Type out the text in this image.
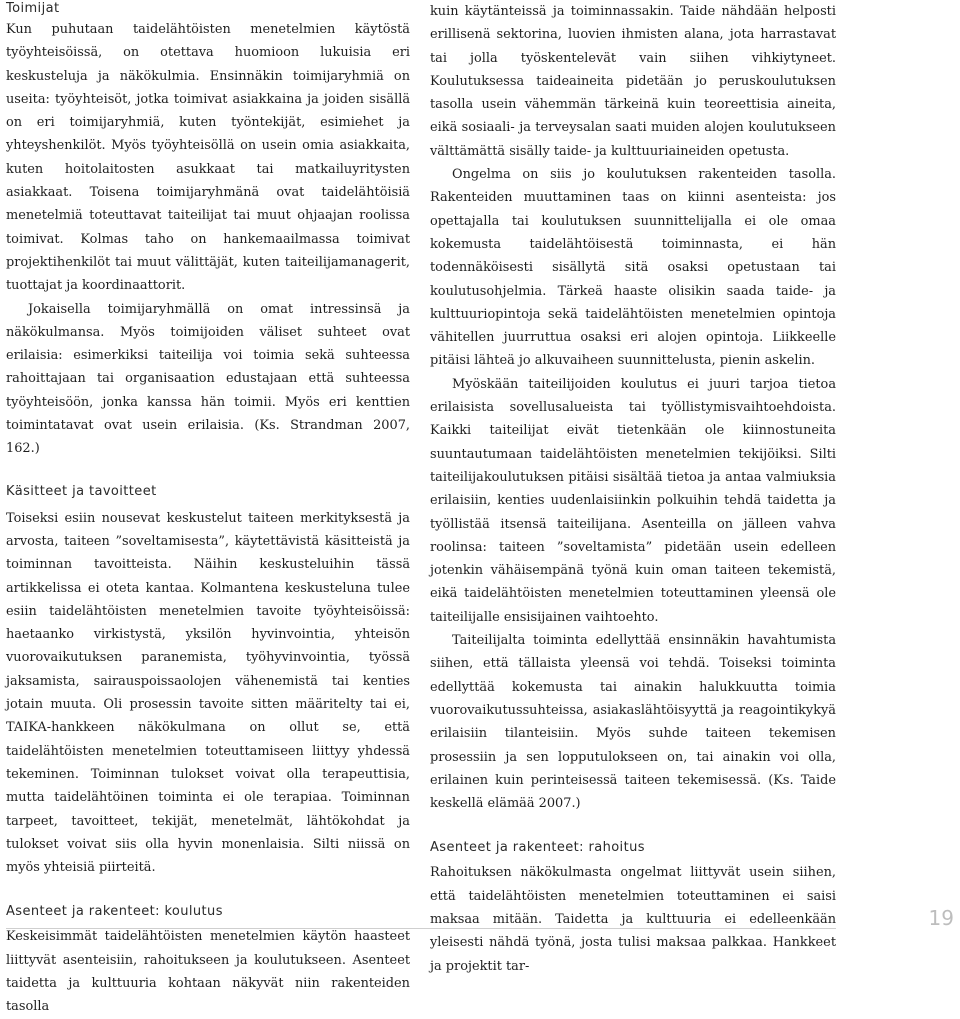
Toimijat

Kun puhutaan taidelähtöisten menetelmien käytöstä työyhteisöissä, on otettava huomioon lukuisia eri keskusteluja ja näkökulmia. Ensinnäkin toimijaryhmiä on useita: työyhteisöt, jotka toimivat asiakkaina ja joiden sisällä on eri toimijaryhmiä, kuten työntekijät, esimiehet ja yhteyshenkilöt. Myös työyhteisöllä on usein omia asiakkaita, kuten hoitolaitosten asukkaat tai matkailuyritysten asiakkaat. Toisena toimijaryhmänä ovat taidelähtöisiä menetelmiä toteuttavat taiteilijat tai muut ohjaajan roolissa toimivat. Kolmas taho on hankemaailmassa toimivat projektihenkilöt tai muut välittäjät, kuten taiteilijamanagerit, tuottajat ja koordinaattorit.

Jokaisella toimijaryhmällä on omat intressinsä ja näkökulmansa. Myös toimijoiden väliset suhteet ovat erilaisia: esimerkiksi taiteilija voi toimia sekä suhteessa rahoittajaan tai organisaation edustajaan että suhteessa työyhteisöön, jonka kanssa hän toimii. Myös eri kenttien toimintatavat ovat usein erilaisia. (Ks. Strandman 2007, 162.)

Käsitteet ja tavoitteet

Toiseksi esiin nousevat keskustelut taiteen merkityksestä ja arvosta, taiteen ”soveltamisesta”, käytettävistä käsitteistä ja toiminnan tavoitteista. Näihin keskusteluihin tässä artikkelissa ei oteta kantaa. Kolmantena keskusteluna tulee esiin taidelähtöisten menetelmien tavoite työyhteisöissä: haetaanko virkistystä, yksilön hyvinvointia, yhteisön vuorovaikutuksen paranemista, työhyvinvointia, työssä jaksamista, sairauspoissaolojen vähenemistä tai kenties jotain muuta. Oli prosessin tavoite sitten määritelty tai ei, TAIKA-hankkeen näkökulmana on ollut se, että taidelähtöisten menetelmien toteuttamiseen liittyy yhdessä tekeminen. Toiminnan tulokset voivat olla terapeuttisia, mutta taidelähtöinen toiminta ei ole terapiaa. Toiminnan tarpeet, tavoitteet, tekijät, menetelmät, lähtökohdat ja tulokset voivat siis olla hyvin monenlaisia. Silti niissä on myös yhteisiä piirteitä.

Asenteet ja rakenteet: koulutus

Keskeisimmät taidelähtöisten menetelmien käytön haasteet liittyvät asenteisiin, rahoitukseen ja koulutukseen. Asenteet taidetta ja kulttuuria kohtaan näkyvät niin rakenteiden tasolla

kuin käytänteissä ja toiminnassakin. Taide nähdään helposti erillisenä sektorina, luovien ihmisten alana, jota harrastavat tai jolla työskentelevät vain siihen vihkiytyneet. Koulutuksessa taideaineita pidetään jo peruskoulutuksen tasolla usein vähemmän tärkeinä kuin teoreettisia aineita, eikä sosiaali- ja terveysalan saati muiden alojen koulutukseen välttämättä sisälly taide- ja kulttuuriaineiden opetusta.

Ongelma on siis jo koulutuksen rakenteiden tasolla. Rakenteiden muuttaminen taas on kiinni asenteista: jos opettajalla tai koulutuksen suunnittelijalla ei ole omaa kokemusta taidelähtöisestä toiminnasta, ei hän todennäköisesti sisällytä sitä osaksi opetustaan tai koulutusohjelmia. Tärkeä haaste olisikin saada taide- ja kulttuuriopintoja sekä taidelähtöisten menetelmien opintoja vähitellen juurruttua osaksi eri alojen opintoja. Liikkeelle pitäisi lähteä jo alkuvaiheen suunnittelusta, pienin askelin.

Myöskään taiteilijoiden koulutus ei juuri tarjoa tietoa erilaisista sovellusalueista tai työllistymisvaihtoehdoista. Kaikki taiteilijat eivät tietenkään ole kiinnostuneita suuntautumaan taidelähtöisten menetelmien tekijöiksi. Silti taiteilijakoulutuksen pitäisi sisältää tietoa ja antaa valmiuksia erilaisiin, kenties uudenlaisiinkin polkuihin tehdä taidetta ja työllistää itsensä taiteilijana. Asenteilla on jälleen vahva roolinsa: taiteen ”soveltamista” pidetään usein edelleen jotenkin vähäisempänä työnä kuin oman taiteen tekemistä, eikä taidelähtöisten menetelmien toteuttaminen yleensä ole taiteilijalle ensisijainen vaihtoehto.

Taiteilijalta toiminta edellyttää ensinnäkin havahtumista siihen, että tällaista yleensä voi tehdä. Toiseksi toiminta edellyttää kokemusta tai ainakin halukkuutta toimia vuorovaikutussuhteissa, asiakaslähtöisyyttä ja reagointikykyä erilaisiin tilanteisiin. Myös suhde taiteen tekemisen prosessiin ja sen lopputulokseen on, tai ainakin voi olla, erilainen kuin perinteisessä taiteen tekemisessä. (Ks. Taide keskellä elämää 2007.)

Asenteet ja rakenteet: rahoitus

Rahoituksen näkökulmasta ongelmat liittyvät usein siihen, että taidelähtöisten menetelmien toteuttaminen ei saisi maksaa mitään. Taidetta ja kulttuuria ei edelleenkään yleisesti nähdä työnä, josta tulisi maksaa palkkaa. Hankkeet ja projektit tar-

19
